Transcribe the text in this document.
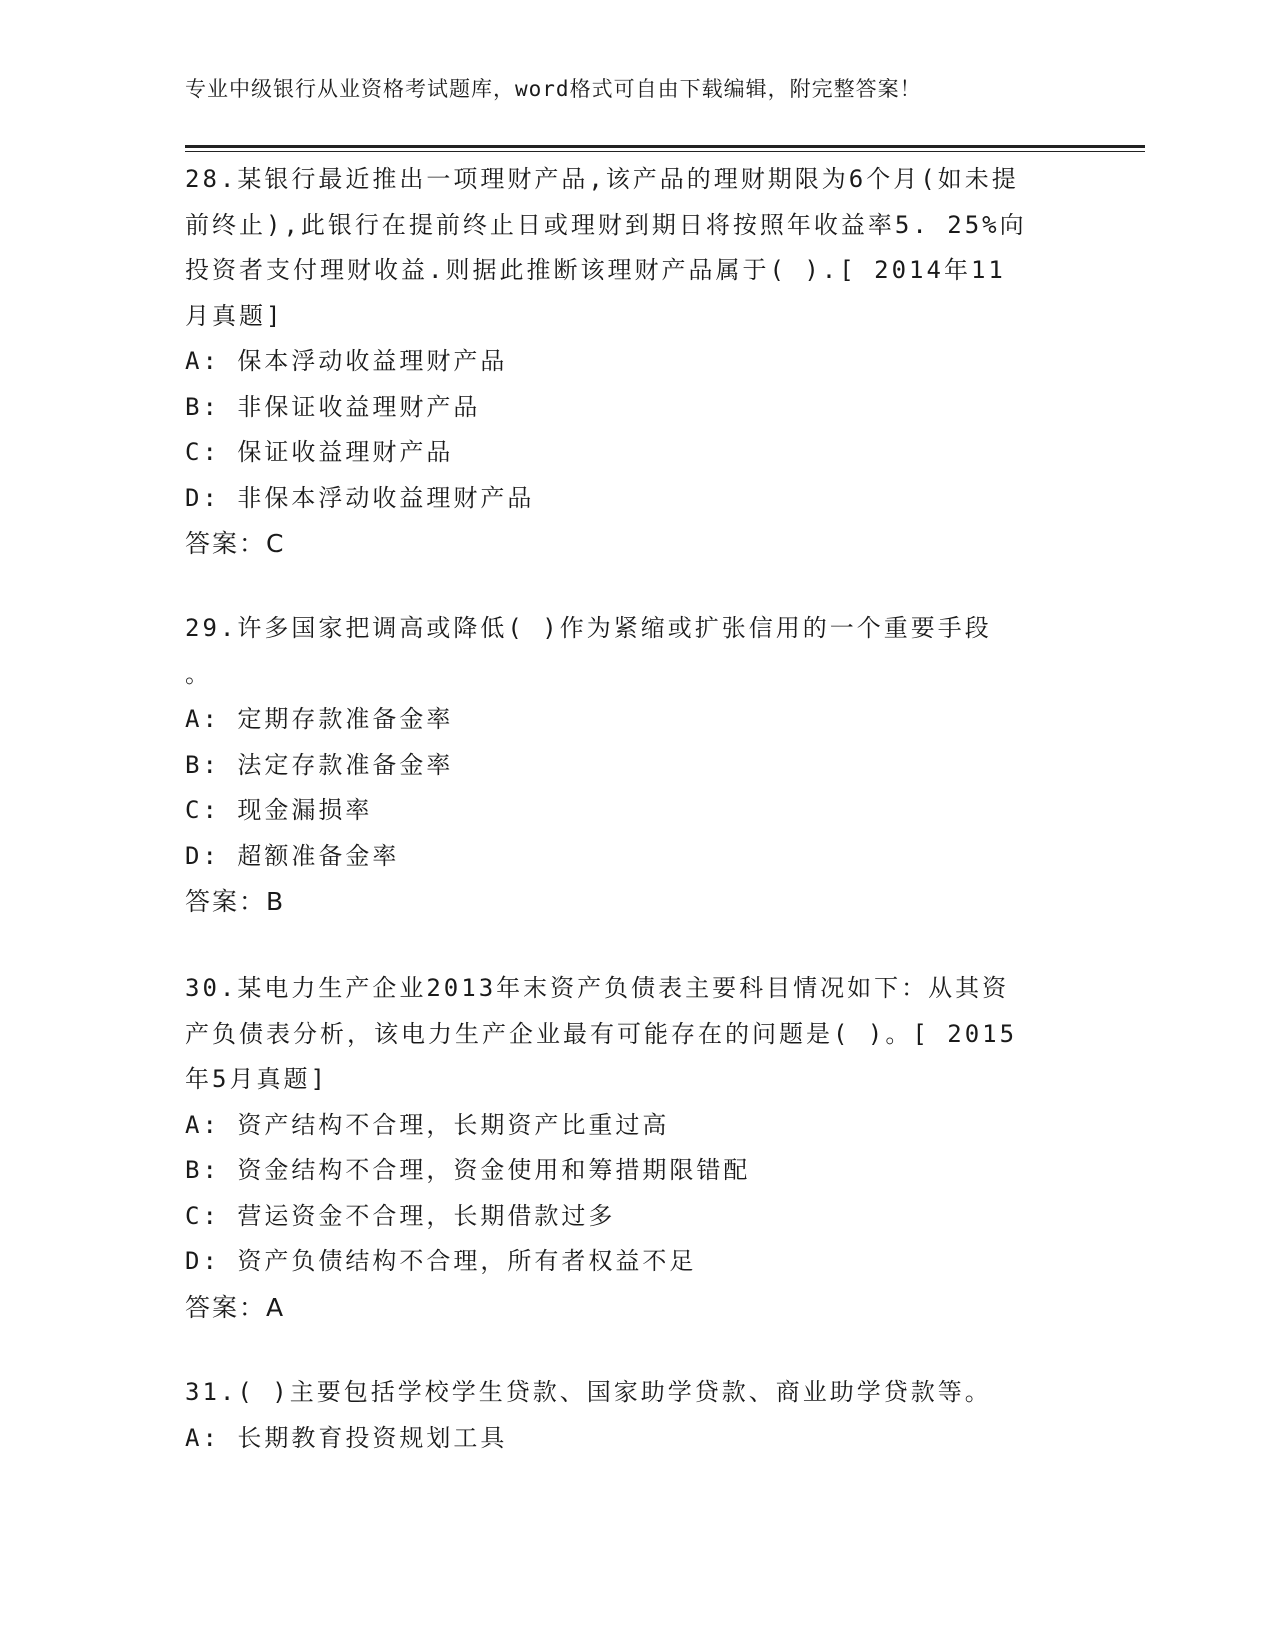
专业中级银行从业资格考试题库，word格式可自由下载编辑，附完整答案！
28.某银行最近推出一项理财产品,该产品的理财期限为6个月(如未提
前终止),此银行在提前终止日或理财到期日将按照年收益率5. 25%向
投资者支付理财收益.则据此推断该理财产品属于( ).[ 2014年11
月真题]
A: 保本浮动收益理财产品
B: 非保证收益理财产品
C: 保证收益理财产品
D: 非保本浮动收益理财产品
答案：C
29.许多国家把调高或降低( )作为紧缩或扩张信用的一个重要手段
。
A: 定期存款准备金率
B: 法定存款准备金率
C: 现金漏损率
D: 超额准备金率
答案：B
30.某电力生产企业2013年末资产负债表主要科目情况如下：从其资
产负债表分析，该电力生产企业最有可能存在的问题是( )。[ 2015
年5月真题]
A: 资产结构不合理，长期资产比重过高
B: 资金结构不合理，资金使用和筹措期限错配
C: 营运资金不合理，长期借款过多
D: 资产负债结构不合理，所有者权益不足
答案：A
31.( )主要包括学校学生贷款、国家助学贷款、商业助学贷款等。
A: 长期教育投资规划工具
